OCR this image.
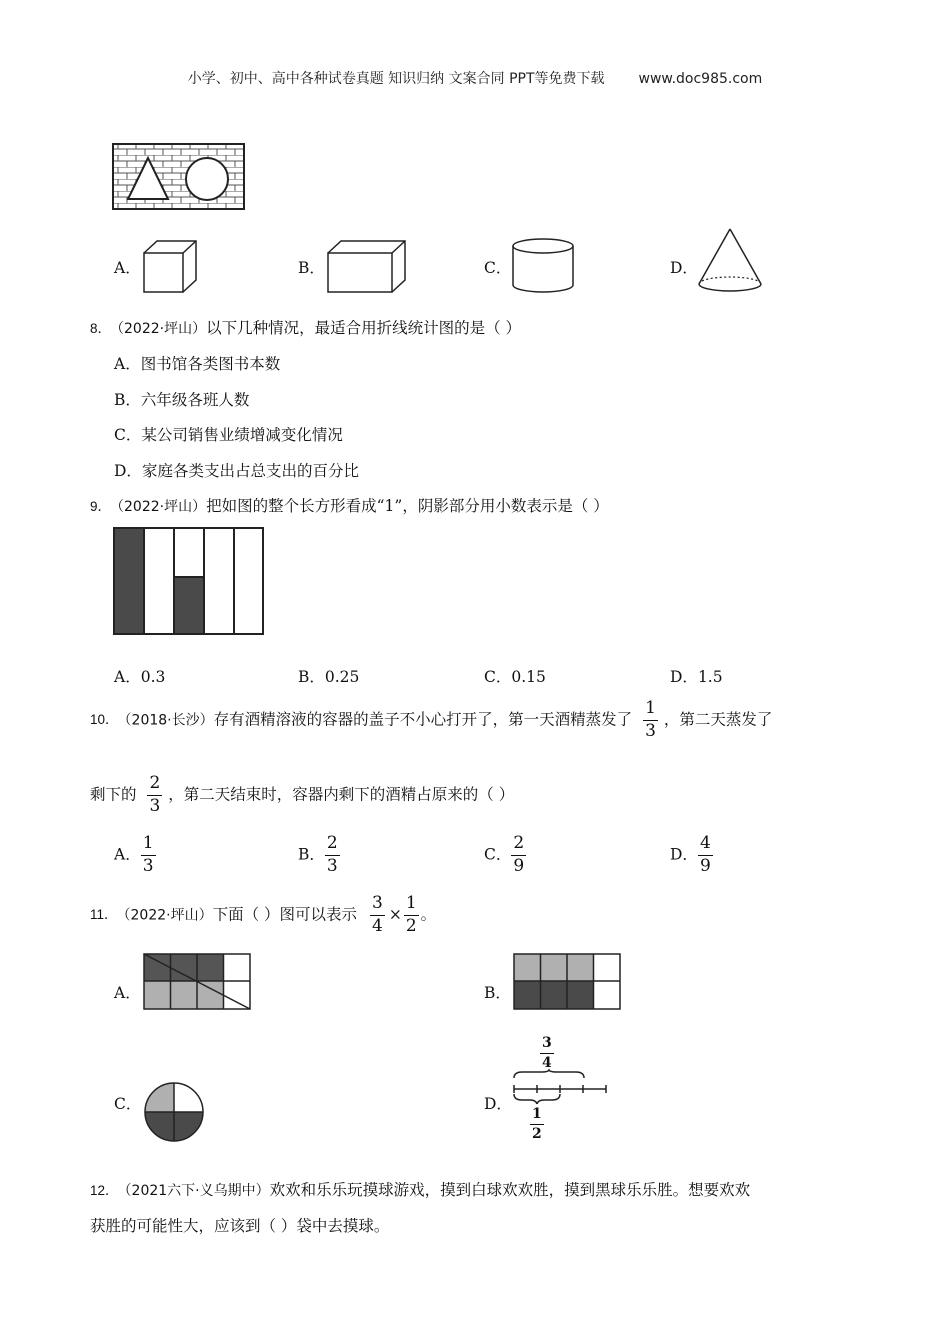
小学、初中、高中各种试卷真题 知识归纳 文案合同 PPT等免费下载 www.doc985.com
A．	B．	C．	D．
8． （2022·坪山）以下几种情况，最适合用折线统计图的是（ ）
A．图书馆各类图书本数
B．六年级各班人数
C．某公司销售业绩增减变化情况
D．家庭各类支出占总支出的百分比
9． （2022·坪山）把如图的整个长方形看成“1”，阴影部分用小数表示是（ ）
A．0.3	B．0.25	C．0.15	D．1.5
10． （2018·长沙）存有酒精溶液的容器的盖子不小心打开了，第一天酒精蒸发了 $\frac{1}{3}$ ，第二天蒸发了
剩下的 $\frac{2}{3}$ ，第二天结束时，容器内剩下的酒精占原来的（ ）
A． $\frac{1}{3}$	B． $\frac{2}{3}$	C． $\frac{2}{9}$	D． $\frac{4}{9}$
11． （2022·坪山）下面（ ）图可以表示 $\frac{3}{4} \times \frac{1}{2}$ 。
A．	B．
C．	D．
$\frac{3}{4}$
$\frac{1}{2}$
12． （2021六下·义乌期中）欢欢和乐乐玩摸球游戏，摸到白球欢欢胜，摸到黑球乐乐胜。想要欢欢
获胜的可能性大，应该到（ ）袋中去摸球。
